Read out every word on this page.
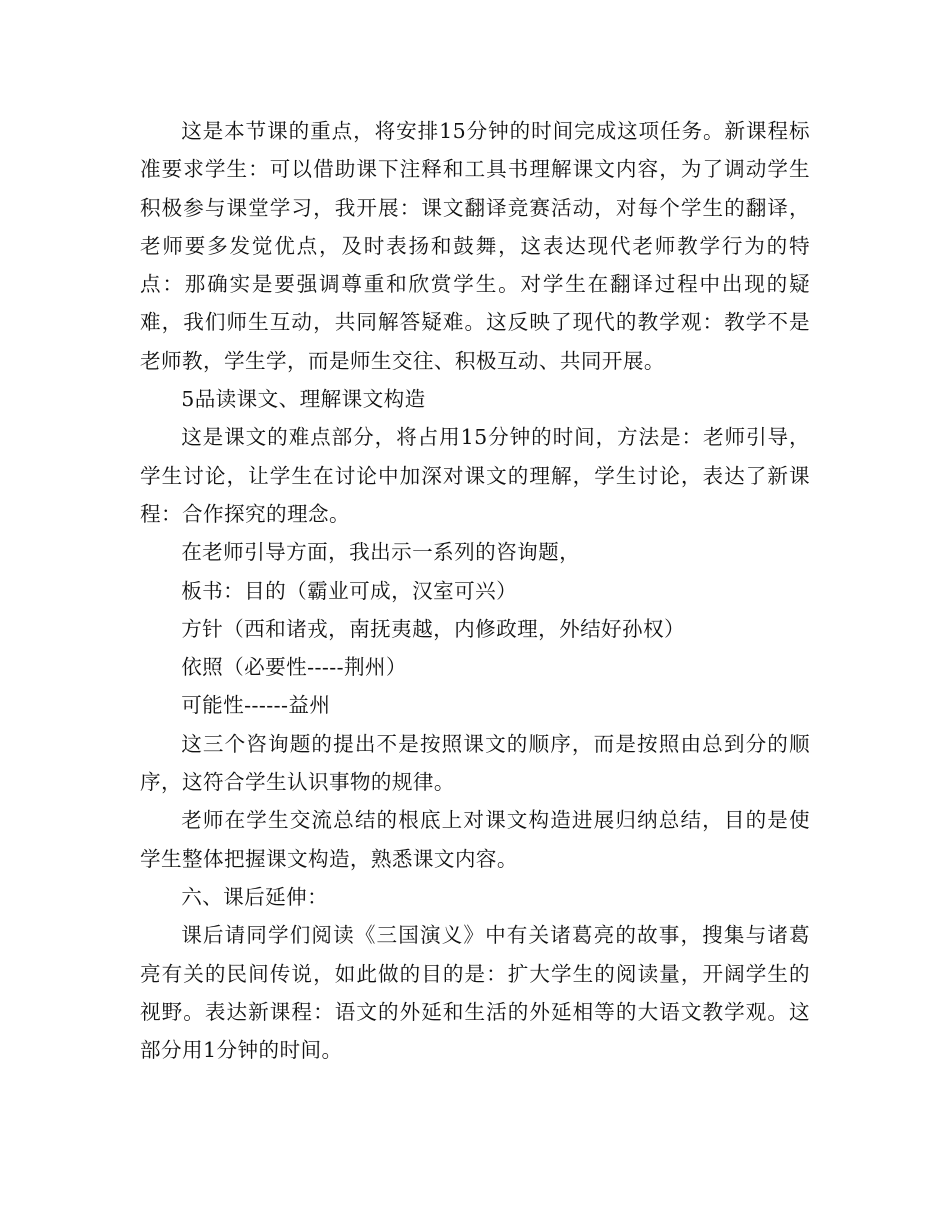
这是本节课的重点，将安排15分钟的时间完成这项任务。新课程标准要求学生：可以借助课下注释和工具书理解课文内容，为了调动学生积极参与课堂学习，我开展：课文翻译竞赛活动，对每个学生的翻译，老师要多发觉优点，及时表扬和鼓舞，这表达现代老师教学行为的特点：那确实是要强调尊重和欣赏学生。对学生在翻译过程中出现的疑难，我们师生互动，共同解答疑难。这反映了现代的教学观：教学不是老师教，学生学，而是师生交往、积极互动、共同开展。

5品读课文、理解课文构造

这是课文的难点部分，将占用15分钟的时间，方法是：老师引导，学生讨论，让学生在讨论中加深对课文的理解，学生讨论，表达了新课程：合作探究的理念。

在老师引导方面，我出示一系列的咨询题，

板书：目的（霸业可成，汉室可兴）

方针（西和诸戎，南抚夷越，内修政理，外结好孙权）

依照（必要性-----荆州）

可能性------益州

这三个咨询题的提出不是按照课文的顺序，而是按照由总到分的顺序，这符合学生认识事物的规律。

老师在学生交流总结的根底上对课文构造进展归纳总结，目的是使学生整体把握课文构造，熟悉课文内容。

六、课后延伸：

课后请同学们阅读《三国演义》中有关诸葛亮的故事，搜集与诸葛亮有关的民间传说，如此做的目的是：扩大学生的阅读量，开阔学生的视野。表达新课程：语文的外延和生活的外延相等的大语文教学观。这部分用1分钟的时间。
